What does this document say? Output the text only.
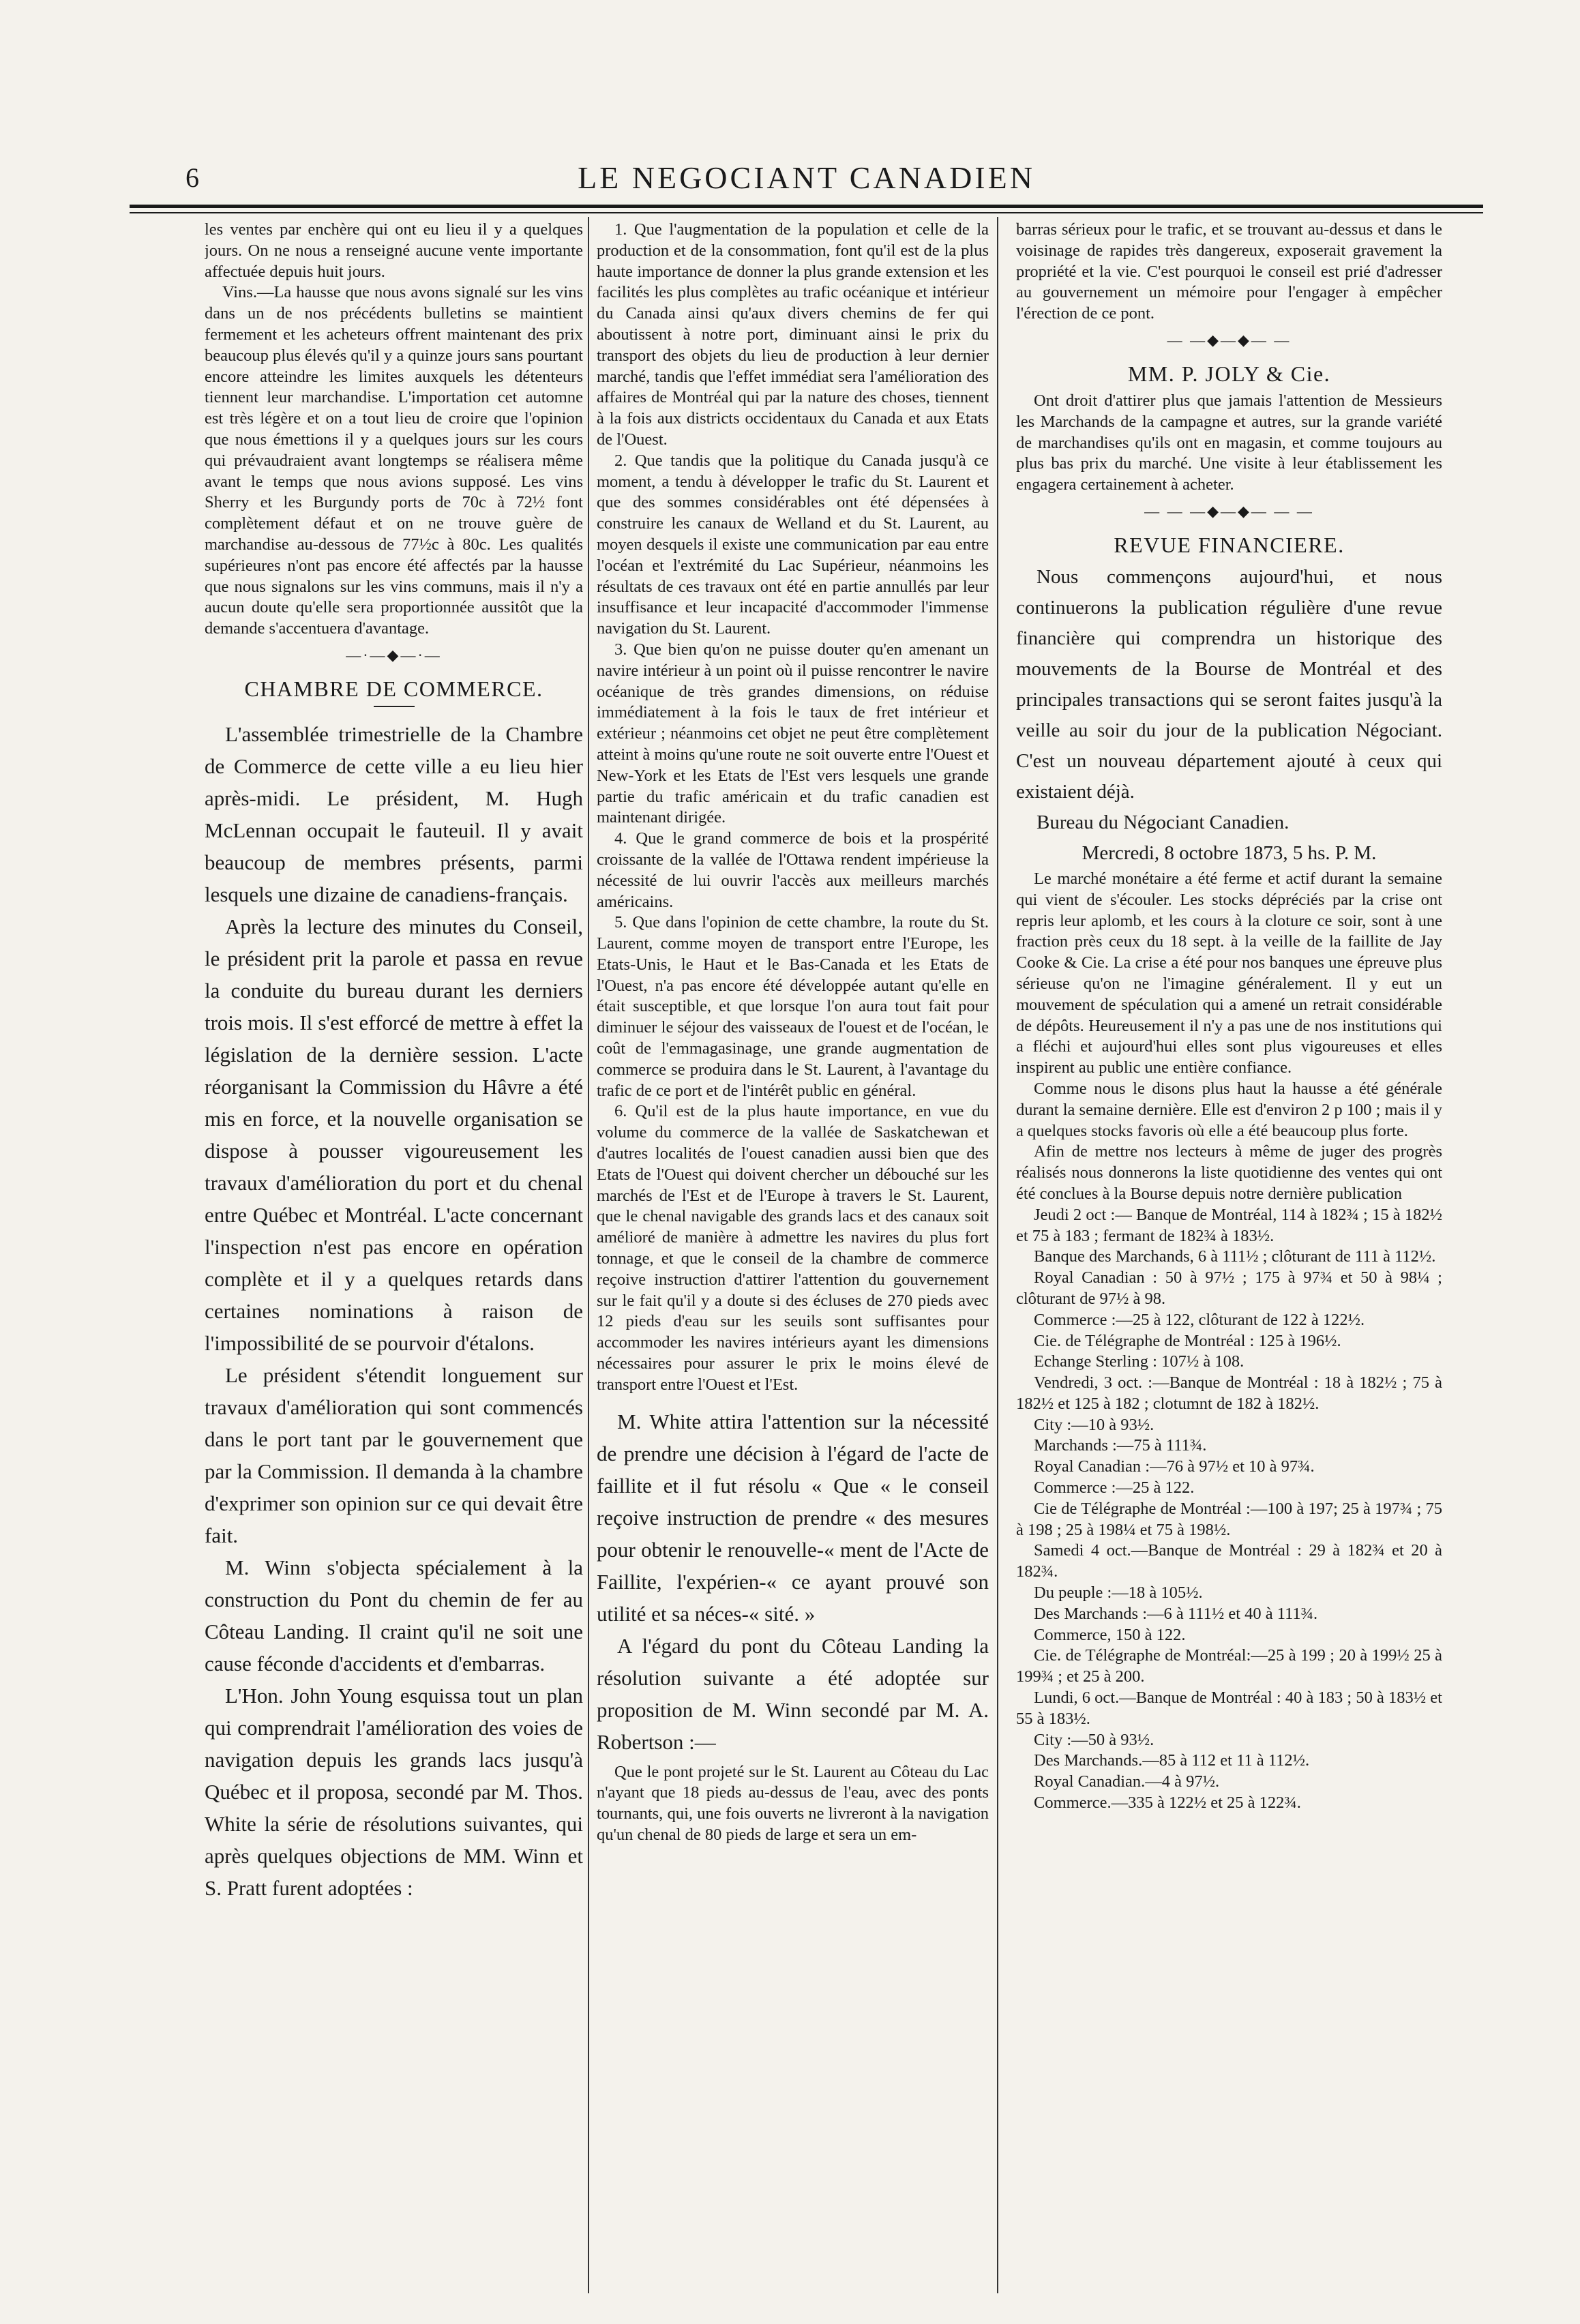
6	LE NEGOCIANT CANADIEN

les ventes par enchère qui ont eu lieu il y a quelques jours. On ne nous a renseigné aucune vente importante affectuée depuis huit jours.

Vins.—La hausse que nous avons signalé sur les vins dans un de nos précédents bulletins se maintient fermement et les acheteurs offrent maintenant des prix beaucoup plus élevés qu'il y a quinze jours sans pourtant encore atteindre les limites auxquels les détenteurs tiennent leur marchandise. L'importation cet automne est très légère et on a tout lieu de croire que l'opinion que nous émettions il y a quelques jours sur les cours qui prévaudraient avant longtemps se réalisera même avant le temps que nous avions supposé. Les vins Sherry et les Burgundy ports de 70c à 72½ font complètement défaut et on ne trouve guère de marchandise au-dessous de 77½c à 80c. Les qualités supérieures n'ont pas encore été affectés par la hausse que nous signalons sur les vins communs, mais il n'y a aucun doute qu'elle sera proportionnée aussitôt que la demande s'accentuera d'avantage.

—·—◆—·—
CHAMBRE DE COMMERCE.

L'assemblée trimestrielle de la Chambre de Commerce de cette ville a eu lieu hier après-midi. Le président, M. Hugh McLennan occupait le fauteuil. Il y avait beaucoup de membres présents, parmi lesquels une dizaine de canadiens-français.

Après la lecture des minutes du Conseil, le président prit la parole et passa en revue la conduite du bureau durant les derniers trois mois. Il s'est efforcé de mettre à effet la législation de la dernière session. L'acte réorganisant la Commission du Hâvre a été mis en force, et la nouvelle organisation se dispose à pousser vigoureusement les travaux d'amélioration du port et du chenal entre Québec et Montréal. L'acte concernant l'inspection n'est pas encore en opération complète et il y a quelques retards dans certaines nominations à raison de l'impossibilité de se pourvoir d'étalons.

Le président s'étendit longuement sur travaux d'amélioration qui sont commencés dans le port tant par le gouvernement que par la Commission. Il demanda à la chambre d'exprimer son opinion sur ce qui devait être fait.

M. Winn s'objecta spécialement à la construction du Pont du chemin de fer au Côteau Landing. Il craint qu'il ne soit une cause féconde d'accidents et d'embarras.

L'Hon. John Young esquissa tout un plan qui comprendrait l'amélioration des voies de navigation depuis les grands lacs jusqu'à Québec et il proposa, secondé par M. Thos. White la série de résolutions suivantes, qui après quelques objections de MM. Winn et S. Pratt furent adoptées :

1. Que l'augmentation de la population et celle de la production et de la consommation, font qu'il est de la plus haute importance de donner la plus grande extension et les facilités les plus complètes au trafic océanique et intérieur du Canada ainsi qu'aux divers chemins de fer qui aboutissent à notre port, diminuant ainsi le prix du transport des objets du lieu de production à leur dernier marché, tandis que l'effet immédiat sera l'amélioration des affaires de Montréal qui par la nature des choses, tiennent à la fois aux districts occidentaux du Canada et aux Etats de l'Ouest.

2. Que tandis que la politique du Canada jusqu'à ce moment, a tendu à développer le trafic du St. Laurent et que des sommes considérables ont été dépensées à construire les canaux de Welland et du St. Laurent, au moyen desquels il existe une communication par eau entre l'océan et l'extrémité du Lac Supérieur, néanmoins les résultats de ces travaux ont été en partie annullés par leur insuffisance et leur incapacité d'accommoder l'immense navigation du St. Laurent.

3. Que bien qu'on ne puisse douter qu'en amenant un navire intérieur à un point où il puisse rencontrer le navire océanique de très grandes dimensions, on réduise immédiatement à la fois le taux de fret intérieur et extérieur ; néanmoins cet objet ne peut être complètement atteint à moins qu'une route ne soit ouverte entre l'Ouest et New-York et les Etats de l'Est vers lesquels une grande partie du trafic américain et du trafic canadien est maintenant dirigée.

4. Que le grand commerce de bois et la prospérité croissante de la vallée de l'Ottawa rendent impérieuse la nécessité de lui ouvrir l'accès aux meilleurs marchés américains.

5. Que dans l'opinion de cette chambre, la route du St. Laurent, comme moyen de transport entre l'Europe, les Etats-Unis, le Haut et le Bas-Canada et les Etats de l'Ouest, n'a pas encore été développée autant qu'elle en était susceptible, et que lorsque l'on aura tout fait pour diminuer le séjour des vaisseaux de l'ouest et de l'océan, le coût de l'emmagasinage, une grande augmentation de commerce se produira dans le St. Laurent, à l'avantage du trafic de ce port et de l'intérêt public en général.

6. Qu'il est de la plus haute importance, en vue du volume du commerce de la vallée de Saskatchewan et d'autres localités de l'ouest canadien aussi bien que des Etats de l'Ouest qui doivent chercher un débouché sur les marchés de l'Est et de l'Europe à travers le St. Laurent, que le chenal navigable des grands lacs et des canaux soit amélioré de manière à admettre les navires du plus fort tonnage, et que le conseil de la chambre de commerce reçoive instruction d'attirer l'attention du gouvernement sur le fait qu'il y a doute si des écluses de 270 pieds avec 12 pieds d'eau sur les seuils sont suffisantes pour accommoder les navires intérieurs ayant les dimensions nécessaires pour assurer le prix le moins élevé de transport entre l'Ouest et l'Est.

M. White attira l'attention sur la nécessité de prendre une décision à l'égard de l'acte de faillite et il fut résolu « Que « le conseil reçoive instruction de prendre « des mesures pour obtenir le renouvelle-« ment de l'Acte de Faillite, l'expérien-« ce ayant prouvé son utilité et sa néces-« sité. »

A l'égard du pont du Côteau Landing la résolution suivante a été adoptée sur proposition de M. Winn secondé par M. A. Robertson :—

Que le pont projeté sur le St. Laurent au Côteau du Lac n'ayant que 18 pieds au-dessus de l'eau, avec des ponts tournants, qui, une fois ouverts ne livreront à la navigation qu'un chenal de 80 pieds de large et sera un em-

barras sérieux pour le trafic, et se trouvant au-dessus et dans le voisinage de rapides très dangereux, exposerait gravement la propriété et la vie. C'est pourquoi le conseil est prié d'adresser au gouvernement un mémoire pour l'engager à empêcher l'érection de ce pont.

— —◆—◆— —
MM. P. JOLY & Cie.

Ont droit d'attirer plus que jamais l'attention de Messieurs les Marchands de la campagne et autres, sur la grande variété de marchandises qu'ils ont en magasin, et comme toujours au plus bas prix du marché. Une visite à leur établissement les engagera certainement à acheter.

— — —◆—◆— — —
REVUE FINANCIERE.

Nous commençons aujourd'hui, et nous continuerons la publication régulière d'une revue financière qui comprendra un historique des mouvements de la Bourse de Montréal et des principales transactions qui se seront faites jusqu'à la veille au soir du jour de la publication Négociant. C'est un nouveau département ajouté à ceux qui existaient déjà.

Bureau du Négociant Canadien.

Mercredi, 8 octobre 1873, 5 hs. P. M.

Le marché monétaire a été ferme et actif durant la semaine qui vient de s'écouler. Les stocks dépréciés par la crise ont repris leur aplomb, et les cours à la cloture ce soir, sont à une fraction près ceux du 18 sept. à la veille de la faillite de Jay Cooke & Cie. La crise a été pour nos banques une épreuve plus sérieuse qu'on ne l'imagine généralement. Il y eut un mouvement de spéculation qui a amené un retrait considérable de dépôts. Heureusement il n'y a pas une de nos institutions qui a fléchi et aujourd'hui elles sont plus vigoureuses et elles inspirent au public une entière confiance.

Comme nous le disons plus haut la hausse a été générale durant la semaine dernière. Elle est d'environ 2 p 100 ; mais il y a quelques stocks favoris où elle a été beaucoup plus forte.

Afin de mettre nos lecteurs à même de juger des progrès réalisés nous donnerons la liste quotidienne des ventes qui ont été conclues à la Bourse depuis notre dernière publication

Jeudi 2 oct :— Banque de Montréal, 114 à 182¾ ; 15 à 182½ et 75 à 183 ; fermant de 182¾ à 183½.

Banque des Marchands, 6 à 111½ ; clôturant de 111 à 112½.

Royal Canadian : 50 à 97½ ; 175 à 97¾ et 50 à 98¼ ; clôturant de 97½ à 98.

Commerce :—25 à 122, clôturant de 122 à 122½.

Cie. de Télégraphe de Montréal : 125 à 196½.

Echange Sterling : 107½ à 108.

Vendredi, 3 oct. :—Banque de Montréal : 18 à 182½ ; 75 à 182½ et 125 à 182 ; clotumnt de 182 à 182½.

City :—10 à 93½.

Marchands :—75 à 111¾.

Royal Canadian :—76 à 97½ et 10 à 97¾.

Commerce :—25 à 122.

Cie de Télégraphe de Montréal :—100 à 197; 25 à 197¾ ; 75 à 198 ; 25 à 198¼ et 75 à 198½.

Samedi 4 oct.—Banque de Montréal : 29 à 182¾ et 20 à 182¾.

Du peuple :—18 à 105½.

Des Marchands :—6 à 111½ et 40 à 111¾.

Commerce, 150 à 122.

Cie. de Télégraphe de Montréal:—25 à 199 ; 20 à 199½ 25 à 199¾ ; et 25 à 200.

Lundi, 6 oct.—Banque de Montréal : 40 à 183 ; 50 à 183½ et 55 à 183½.

City :—50 à 93½.

Des Marchands.—85 à 112 et 11 à 112½.

Royal Canadian.—4 à 97½.

Commerce.—335 à 122½ et 25 à 122¾.
